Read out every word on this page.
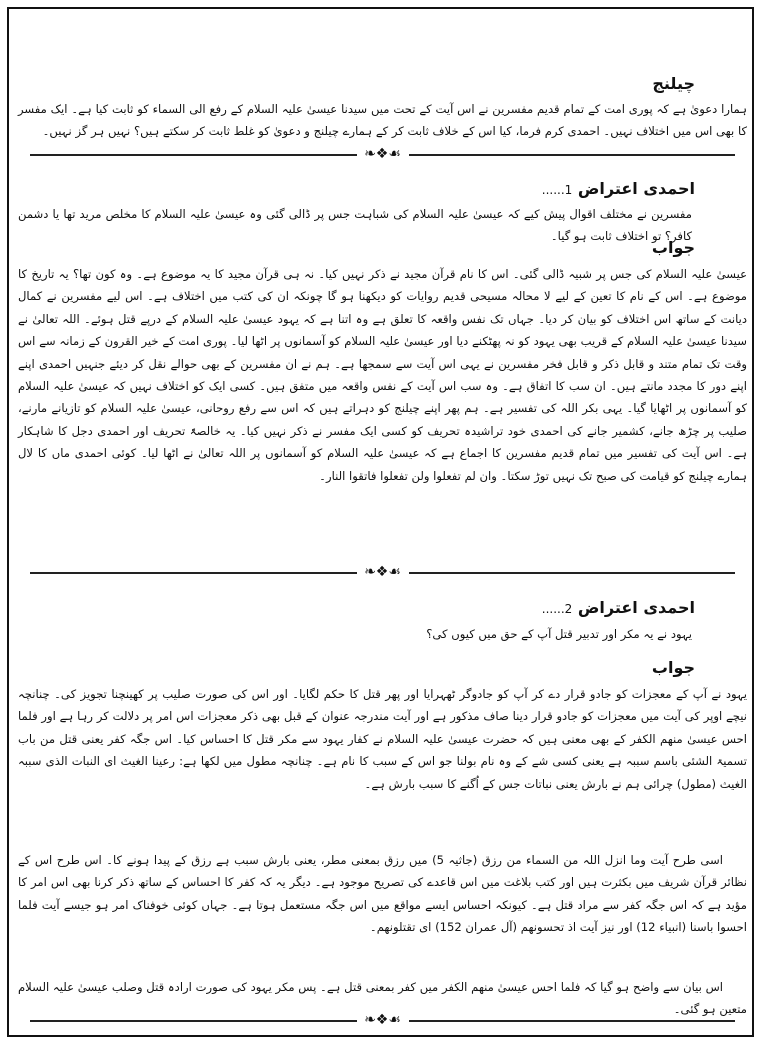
چیلنج

ہمارا دعویٰ ہے کہ پوری امت کے تمام قدیم مفسرین نے اس آیت کے تحت میں سیدنا عیسیٰ علیہ السلام کے رفع الی السماء کو ثابت کیا ہے۔ ایک مفسر کا بھی اس میں اختلاف نہیں۔ احمدی کرم فرما، کیا اس کے خلاف ثابت کر کے ہمارے چیلنج و دعویٰ کو غلط ثابت کر سکتے ہیں؟ نہیں ہر گز نہیں۔

احمدی اعتراض ......1

مفسرین نے مختلف اقوال پیش کیے کہ عیسیٰ علیہ السلام کی شباہت جس پر ڈالی گئی وہ عیسیٰ علیہ السلام کا مخلص مرید تھا یا دشمن کافر؟ تو اختلاف ثابت ہو گیا۔

جواب

عیسیٰ علیہ السلام کی جس پر شبیہ ڈالی گئی۔ اس کا نام قرآن مجید نے ذکر نہیں کیا۔ نہ ہی قرآن مجید کا یہ موضوع ہے۔ وہ کون تھا؟ یہ تاریخ کا موضوع ہے۔ اس کے نام کا تعین کے لیے لا محالہ مسیحی قدیم روایات کو دیکھنا ہو گا چونکہ ان کی کتب میں اختلاف ہے۔ اس لیے مفسرین نے کمال دیانت کے ساتھ اس اختلاف کو بیان کر دیا۔ جہاں تک نفس واقعہ کا تعلق ہے وہ اتنا ہے کہ یہود عیسیٰ علیہ السلام کے درپے قتل ہوئے۔ اللہ تعالیٰ نے سیدنا عیسیٰ علیہ السلام کے قریب بھی یہود کو نہ پھٹکنے دیا اور عیسیٰ علیہ السلام کو آسمانوں پر اٹھا لیا۔ پوری امت کے خیر القرون کے زمانہ سے اس وقت تک تمام متند و قابل ذکر و قابل فخر مفسرین نے یہی اس آیت سے سمجھا ہے۔ ہم نے ان مفسرین کے بھی حوالے نقل کر دیئے جنہیں احمدی اپنے اپنے دور کا مجدد مانتے ہیں۔ ان سب کا اتفاق ہے۔ وہ سب اس آیت کے نفس واقعہ میں متفق ہیں۔ کسی ایک کو اختلاف نہیں کہ عیسیٰ علیہ السلام کو آسمانوں پر اٹھایا گیا۔ یہی بکر اللہ کی تفسیر ہے۔ ہم پھر اپنے چیلنج کو دہراتے ہیں کہ اس سے رفع روحانی، عیسیٰ علیہ السلام کو تازیانے مارنے، صلیب پر چڑھ جانے، کشمیر جانے کی احمدی خود تراشیدہ تحریف کو کسی ایک مفسر نے ذکر نہیں کیا۔ یہ خالصۃً تحریف اور احمدی دجل کا شاہکار ہے۔ اس آیت کی تفسیر میں تمام قدیم مفسرین کا اجماع ہے کہ عیسیٰ علیہ السلام کو آسمانوں پر اللہ تعالیٰ نے اٹھا لیا۔ کوئی احمدی ماں کا لال ہمارے چیلنج کو قیامت کی صبح تک نہیں توڑ سکتا۔ وان لم تفعلوا ولن تفعلوا فاتقوا النار۔

احمدی اعتراض ......2

یہود نے یہ مکر اور تدبیر قتل آپ کے حق میں کیوں کی؟

جواب

یہود نے آپ کے معجزات کو جادو قرار دے کر آپ کو جادوگر ٹھہرایا اور پھر قتل کا حکم لگایا۔ اور اس کی صورت صلیب پر کھینچنا تجویز کی۔ چنانچہ نیچے اوپر کی آیت میں معجزات کو جادو قرار دینا صاف مذکور ہے اور آیت مندرجہ عنوان کے قبل بھی ذکر معجزات اس امر پر دلالت کر رہا ہے اور فلما احس عیسیٰ منھم الکفر کے بھی معنی ہیں کہ حضرت عیسیٰ علیہ السلام نے کفار یہود سے مکر قتل کا احساس کیا۔ اس جگہ کفر یعنی قتل من باب تسمیۃ الشئی باسم سببہ ہے یعنی کسی شے کے وہ نام بولنا جو اس کے سبب کا نام ہے۔ چنانچہ مطول میں لکھا ہے: رعینا الغیث ای النبات الذی سببہ الغیث (مطول) چرائی ہم نے بارش یعنی نباتات جس کے اُگنے کا سبب بارش ہے۔

اسی طرح آیت وما انزل اللہ من السماء من رزق (جاثیہ 5) میں رزق بمعنی مطر، یعنی بارش سبب ہے رزق کے پیدا ہونے کا۔ اس طرح اس کے نظائر قرآن شریف میں بکثرت ہیں اور کتب بلاغت میں اس قاعدے کی تصریح موجود ہے۔ دیگر یہ کہ کفر کا احساس کے ساتھ ذکر کرنا بھی اس امر کا مؤید ہے کہ اس جگہ کفر سے مراد قتل ہے۔ کیونکہ احساس ایسے مواقع میں اس جگہ مستعمل ہوتا ہے۔ جہاں کوئی خوفناک امر ہو جیسے آیت فلما احسوا باسنا (انبیاء 12) اور نیز آیت اذ تحسونھم (آل عمران 152) ای تقتلونھم۔

اس بیان سے واضح ہو گیا کہ فلما احس عیسیٰ منھم الکفر میں کفر بمعنی قتل ہے۔ پس مکر یہود کی صورت ارادہ قتل وصلب عیسیٰ علیہ السلام متعین ہو گئی۔

❧❖☙
❧❖☙
❧❖☙
